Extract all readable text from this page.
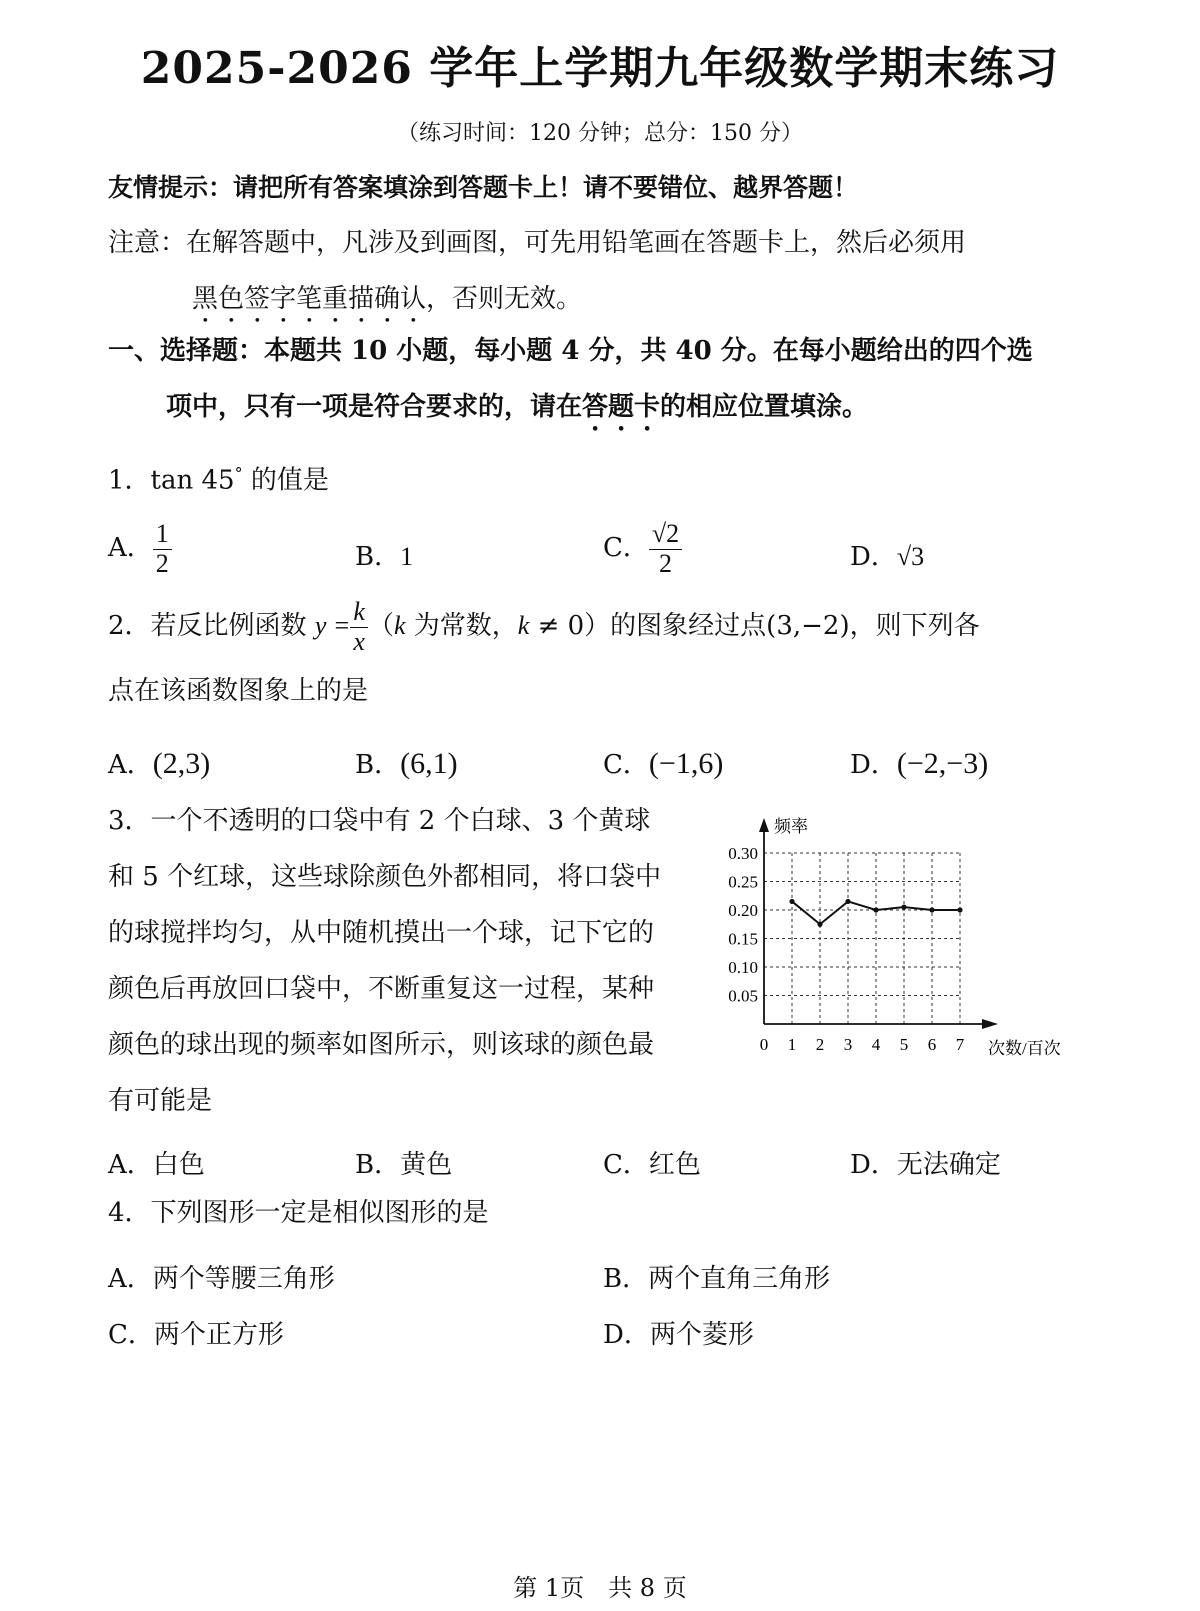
2025-2026 学年上学期九年级数学期末练习
（练习时间：120 分钟；总分：150 分）
友情提示：请把所有答案填涂到答题卡上！请不要错位、越界答题！
注意：在解答题中，凡涉及到画图，可先用铅笔画在答题卡上，然后必须用
黑色签字笔重描确认，否则无效。
一、选择题：本题共 10 小题，每小题 4 分，共 40 分。在每小题给出的四个选
项中，只有一项是符合要求的，请在答题卡的相应位置填涂。
1．tan 45° 的值是
A． $\frac{1}{2}$	B．1	C． $\frac{√2}{2}$	D．√3
2．若反比例函数 $y = \frac{k}{x} (k$ 为常数，k ≠ 0）的图象经过点(3,−2)，则下列各
点在该函数图象上的是
A．(2,3)	B．(6,1)	C．(−1,6)	D．(−2,−3)
3．一个不透明的口袋中有 2 个白球、3 个黄球
和 5 个红球，这些球除颜色外都相同，将口袋中
的球搅拌均匀，从中随机摸出一个球，记下它的
颜色后再放回口袋中，不断重复这一过程，某种
颜色的球出现的频率如图所示，则该球的颜色最
有可能是
频率
次数/百次
0.05
0.10
0.15
0.20
0.25
0.30
0 1 2 3 4 5 6 7
A．白色	B．黄色	C．红色	D．无法确定
4．下列图形一定是相似图形的是
A．两个等腰三角形	B．两个直角三角形
C．两个正方形	D．两个菱形
第 1页　共 8 页
